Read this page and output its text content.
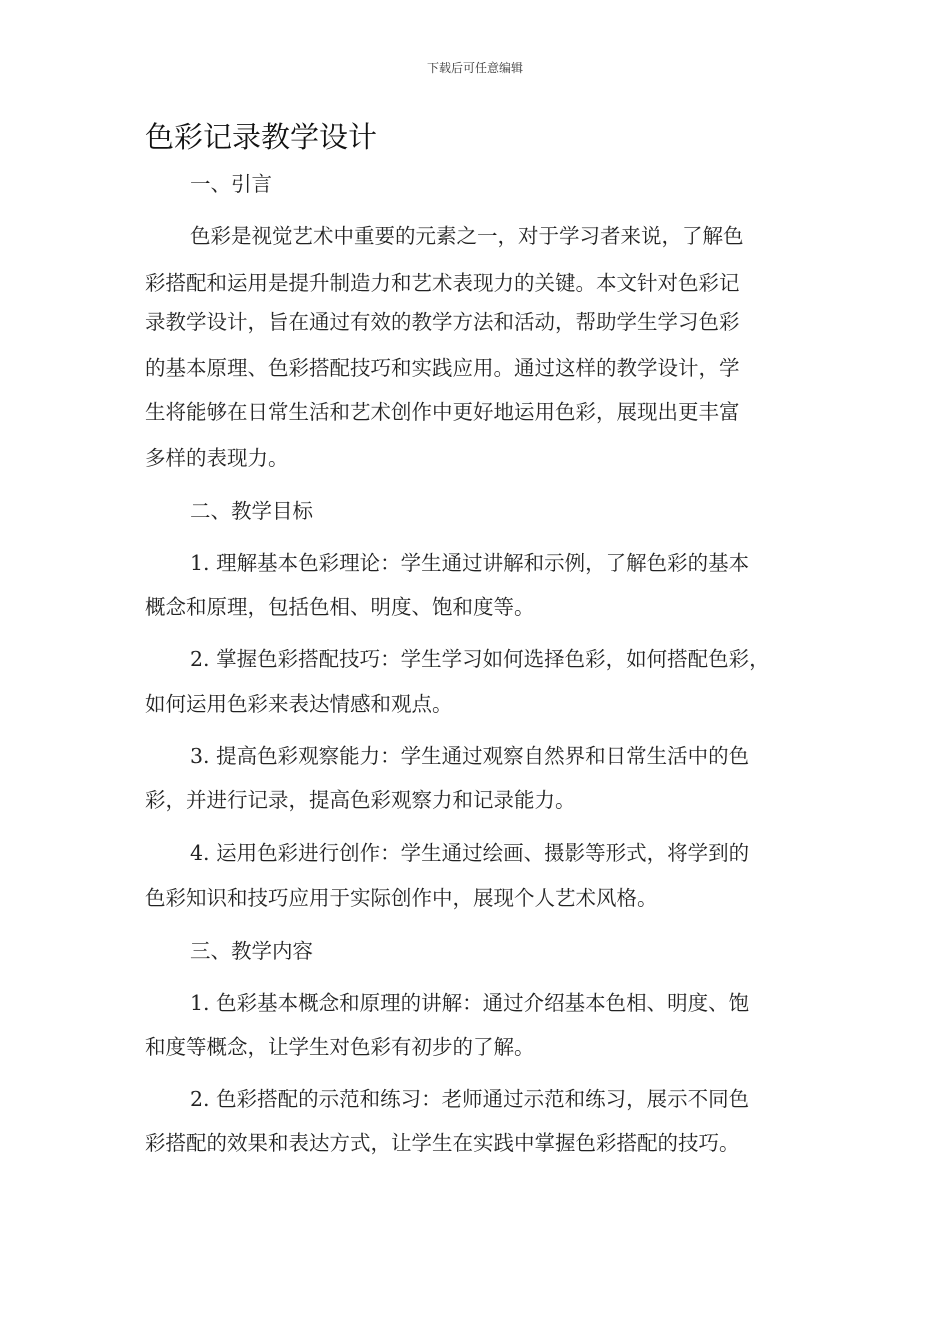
下载后可任意编辑
色彩记录教学设计
一、引言
色彩是视觉艺术中重要的元素之一，对于学习者来说，了解色
彩搭配和运用是提升制造力和艺术表现力的关键。本文针对色彩记
录教学设计，旨在通过有效的教学方法和活动，帮助学生学习色彩
的基本原理、色彩搭配技巧和实践应用。通过这样的教学设计，学
生将能够在日常生活和艺术创作中更好地运用色彩，展现出更丰富
多样的表现力。
二、教学目标
1. 理解基本色彩理论：学生通过讲解和示例，了解色彩的基本
概念和原理，包括色相、明度、饱和度等。
2. 掌握色彩搭配技巧：学生学习如何选择色彩，如何搭配色彩，
如何运用色彩来表达情感和观点。
3. 提高色彩观察能力：学生通过观察自然界和日常生活中的色
彩，并进行记录，提高色彩观察力和记录能力。
4. 运用色彩进行创作：学生通过绘画、摄影等形式，将学到的
色彩知识和技巧应用于实际创作中，展现个人艺术风格。
三、教学内容
1. 色彩基本概念和原理的讲解：通过介绍基本色相、明度、饱
和度等概念，让学生对色彩有初步的了解。
2. 色彩搭配的示范和练习：老师通过示范和练习，展示不同色
彩搭配的效果和表达方式，让学生在实践中掌握色彩搭配的技巧。
